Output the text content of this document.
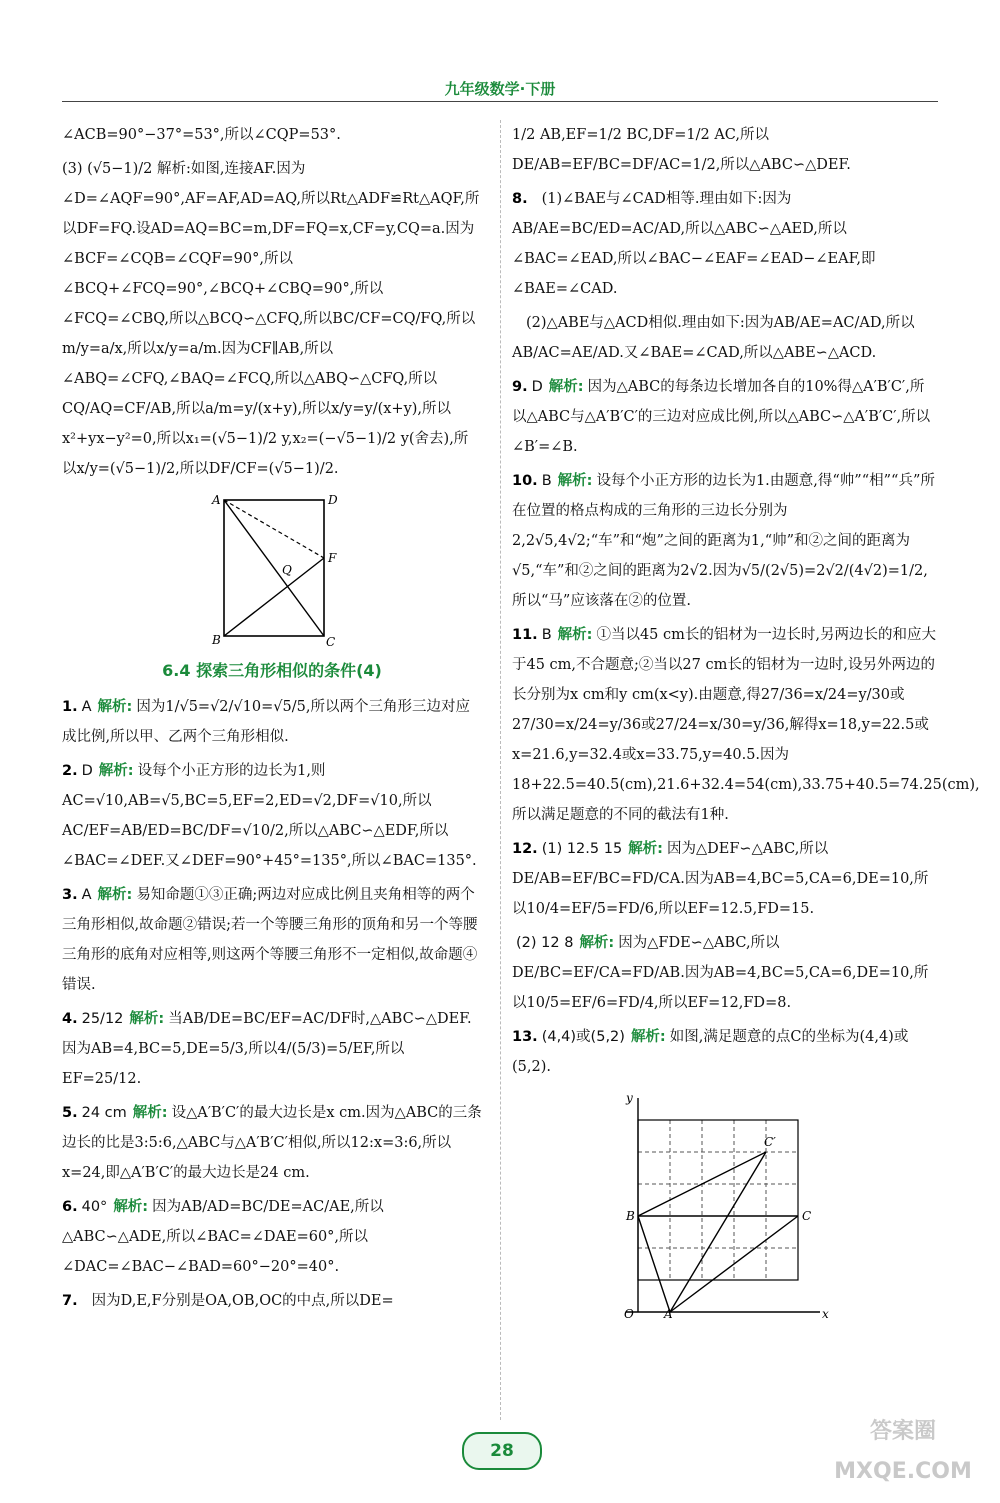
九年级数学·下册
∠ACB=90°−37°=53°,所以∠CQP=53°.
(3) (√5−1)/2 解析:如图,连接AF.因为∠D=∠AQF=90°,AF=AF,AD=AQ,所以Rt△ADF≌Rt△AQF,所以DF=FQ.设AD=AQ=BC=m,DF=FQ=x,CF=y,CQ=a.因为∠BCF=∠CQB=∠CQF=90°,所以∠BCQ+∠FCQ=90°,∠BCQ+∠CBQ=90°,所以∠FCQ=∠CBQ,所以△BCQ∽△CFQ,所以BC/CF=CQ/FQ,所以m/y=a/x,所以x/y=a/m.因为CF∥AB,所以∠ABQ=∠CFQ,∠BAQ=∠FCQ,所以△ABQ∽△CFQ,所以CQ/AQ=CF/AB,所以a/m=y/(x+y),所以x/y=y/(x+y),所以x²+yx−y²=0,所以x₁=(√5−1)/2 y,x₂=(−√5−1)/2 y(舍去),所以x/y=(√5−1)/2,所以DF/CF=(√5−1)/2.
A	D
F
Q
B	C
6.4 探索三角形相似的条件(4)
1. A 解析: 因为1/√5=√2/√10=√5/5,所以两个三角形三边对应成比例,所以甲、乙两个三角形相似.
2. D 解析: 设每个小正方形的边长为1,则AC=√10,AB=√5,BC=5,EF=2,ED=√2,DF=√10,所以AC/EF=AB/ED=BC/DF=√10/2,所以△ABC∽△EDF,所以∠BAC=∠DEF.又∠DEF=90°+45°=135°,所以∠BAC=135°.
3. A 解析: 易知命题①③正确;两边对应成比例且夹角相等的两个三角形相似,故命题②错误;若一个等腰三角形的顶角和另一个等腰三角形的底角对应相等,则这两个等腰三角形不一定相似,故命题④错误.
4. 25/12 解析: 当AB/DE=BC/EF=AC/DF时,△ABC∽△DEF.因为AB=4,BC=5,DE=5/3,所以4/(5/3)=5/EF,所以EF=25/12.
5. 24 cm 解析: 设△A′B′C′的最大边长是x cm.因为△ABC的三条边长的比是3:5:6,△ABC与△A′B′C′相似,所以12:x=3:6,所以x=24,即△A′B′C′的最大边长是24 cm.
6. 40° 解析: 因为AB/AD=BC/DE=AC/AE,所以△ABC∽△ADE,所以∠BAC=∠DAE=60°,所以∠DAC=∠BAC−∠BAD=60°−20°=40°.
7. 因为D,E,F分别是OA,OB,OC的中点,所以DE=
1/2 AB,EF=1/2 BC,DF=1/2 AC,所以DE/AB=EF/BC=DF/AC=1/2,所以△ABC∽△DEF.
8. (1)∠BAE与∠CAD相等.理由如下:因为AB/AE=BC/ED=AC/AD,所以△ABC∽△AED,所以∠BAC=∠EAD,所以∠BAC−∠EAF=∠EAD−∠EAF,即∠BAE=∠CAD.
(2)△ABE与△ACD相似.理由如下:因为AB/AE=AC/AD,所以AB/AC=AE/AD.又∠BAE=∠CAD,所以△ABE∽△ACD.
9. D 解析: 因为△ABC的每条边长增加各自的10%得△A′B′C′,所以△ABC与△A′B′C′的三边对应成比例,所以△ABC∽△A′B′C′,所以∠B′=∠B.
10. B 解析: 设每个小正方形的边长为1.由题意,得“帅”“相”“兵”所在位置的格点构成的三角形的三边长分别为2,2√5,4√2;“车”和“炮”之间的距离为1,“帅”和②之间的距离为√5,“车”和②之间的距离为2√2.因为√5/(2√5)=2√2/(4√2)=1/2,所以“马”应该落在②的位置.
11. B 解析: ①当以45 cm长的铝材为一边长时,另两边长的和应大于45 cm,不合题意;②当以27 cm长的铝材为一边时,设另外两边的长分别为x cm和y cm(x<y).由题意,得27/36=x/24=y/30或27/30=x/24=y/36或27/24=x/30=y/36,解得x=18,y=22.5或x=21.6,y=32.4或x=33.75,y=40.5.因为18+22.5=40.5(cm),21.6+32.4=54(cm),33.75+40.5=74.25(cm),所以满足题意的不同的截法有1种.
12. (1) 12.5 15 解析: 因为△DEF∽△ABC,所以DE/AB=EF/BC=FD/CA.因为AB=4,BC=5,CA=6,DE=10,所以10/4=EF/5=FD/6,所以EF=12.5,FD=15.
(2) 12 8 解析: 因为△FDE∽△ABC,所以DE/BC=EF/CA=FD/AB.因为AB=4,BC=5,CA=6,DE=10,所以10/5=EF/6=FD/4,所以EF=12,FD=8.
13. (4,4)或(5,2) 解析: 如图,满足题意的点C的坐标为(4,4)或(5,2).
y
x
O	A
B	C
C′
28
答案圈
MXQE.COM
